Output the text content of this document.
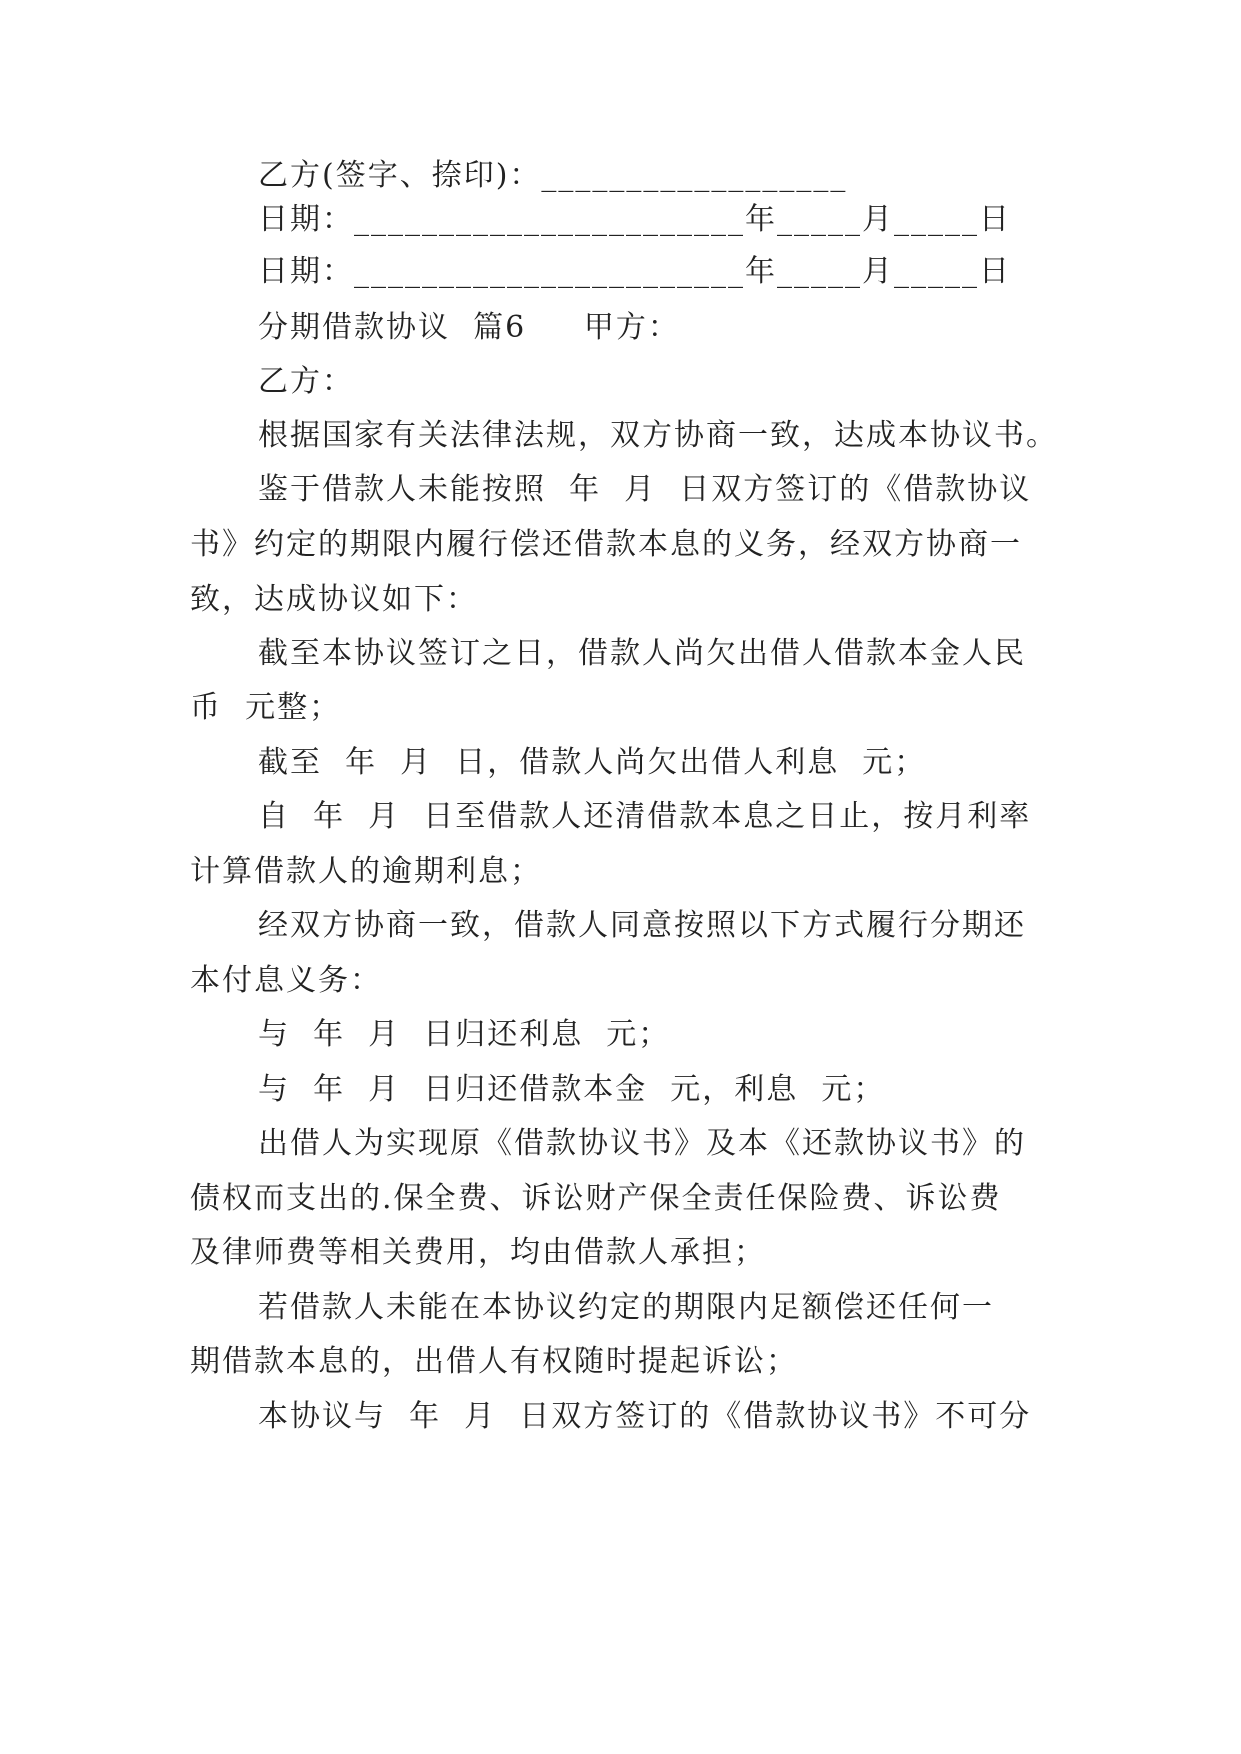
乙方(签字、捺印)：__________________
日期：_______________________年_____月_____日
日期：_______________________年_____月_____日
分期借款协议  篇6     甲方：
乙方：
根据国家有关法律法规，双方协商一致，达成本协议书。
鉴于借款人未能按照  年  月  日双方签订的《借款协议
书》约定的期限内履行偿还借款本息的义务，经双方协商一
致，达成协议如下：
截至本协议签订之日，借款人尚欠出借人借款本金人民
币  元整；
截至  年  月  日，借款人尚欠出借人利息  元；
自  年  月  日至借款人还清借款本息之日止，按月利率
计算借款人的逾期利息；
经双方协商一致，借款人同意按照以下方式履行分期还
本付息义务：
与  年  月  日归还利息  元；
与  年  月  日归还借款本金  元，利息  元；
出借人为实现原《借款协议书》及本《还款协议书》的
债权而支出的.保全费、诉讼财产保全责任保险费、诉讼费
及律师费等相关费用，均由借款人承担；
若借款人未能在本协议约定的期限内足额偿还任何一
期借款本息的，出借人有权随时提起诉讼；
本协议与  年  月  日双方签订的《借款协议书》不可分
